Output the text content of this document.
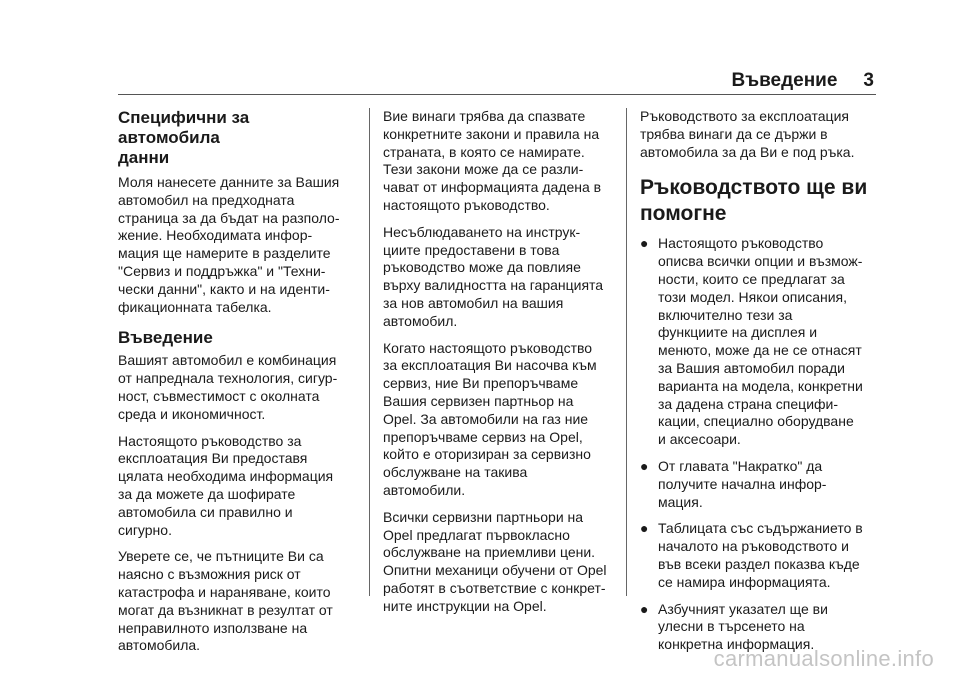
Въведение 3
Специфични за автомобила
данни

Моля нанесете данните за Вашия
автомобил на предходната
страница за да бъдат на разполо-
жение. Необходимата инфор-
мация ще намерите в разделите
"Сервиз и поддръжка" и "Техни-
чески данни", както и на иденти-
фикационната табелка.

Въведение

Вашият автомобил е комбинация
от напреднала технология, сигур-
ност, съвместимост с околната
среда и икономичност.

Настоящото ръководство за
експлоатация Ви предоставя
цялата необходима информация
за да можете да шофирате
автомобила си правилно и
сигурно.

Уверете се, че пътниците Ви са
наясно с възможния риск от
катастрофа и нараняване, които
могат да възникнат в резултат от
неправилното използване на
автомобила.

Вие винаги трябва да спазвате
конкретните закони и правила на
страната, в която се намирате.
Тези закони може да се разли-
чават от информацията дадена в
настоящото ръководство.

Несъблюдаването на инструк-
циите предоставени в това
ръководство може да повлияе
върху валидността на гаранцията
за нов автомобил на вашия
автомобил.

Когато настоящото ръководство
за експлоатация Ви насочва към
сервиз, ние Ви препоръчваме
Вашия сервизен партньор на
Opel. За автомобили на газ ние
препоръчваме сервиз на Opel,
който е оторизиран за сервизно
обслужване на такива
автомобили.

Всички сервизни партньори на
Opel предлагат първокласно
обслужване на приемливи цени.
Опитни механици обучени от Opel
работят в съответствие с конкрет-
ните инструкции на Opel.

Ръководството за експлоатация
трябва винаги да се държи в
автомобила за да Ви е под ръка.

Ръководството ще ви
помогне
● Настоящото ръководство
описва всички опции и възмож-
ности, които се предлагат за
този модел. Някои описания,
включително тези за
функциите на дисплея и
менюто, може да не се отнасят
за Вашия автомобил поради
варианта на модела, конкретни
за дадена страна специфи-
кации, специално оборудване
и аксесоари.
● От главата "Накратко" да
получите начална инфор-
мация.
● Таблицата със съдържанието в
началото на ръководството и
във всеки раздел показва къде
се намира информацията.
● Азбучният указател ще ви
улесни в търсенето на
конкретна информация.
carmanualsonline.info
